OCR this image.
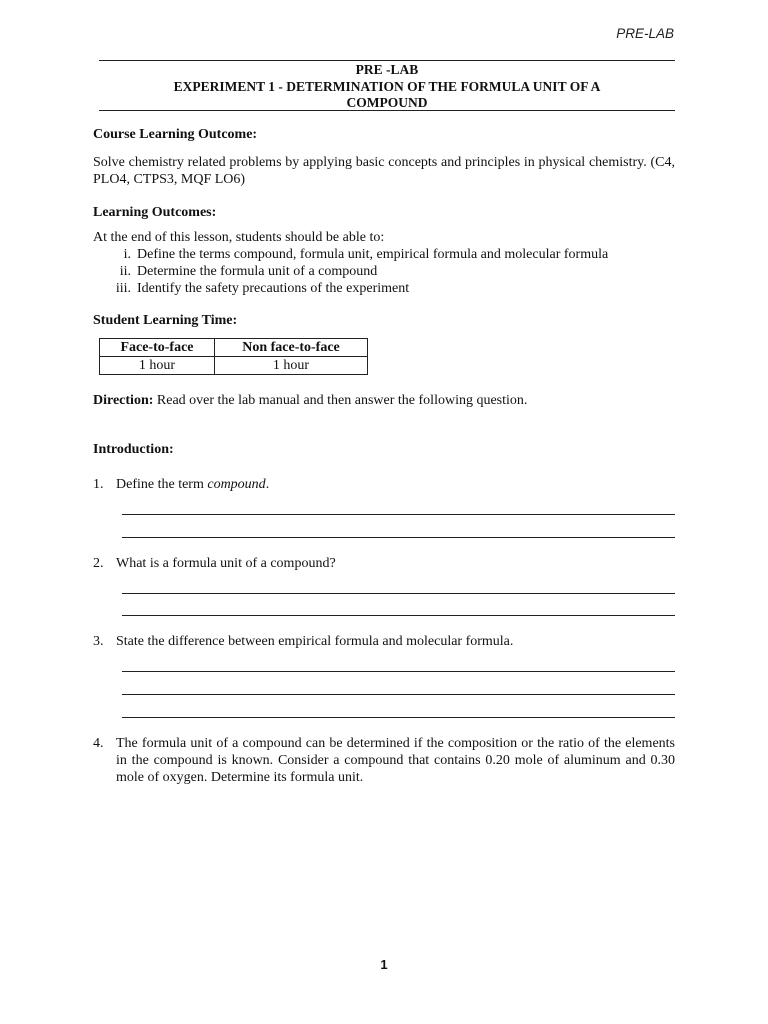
PRE-LAB
PRE -LAB
EXPERIMENT 1 - DETERMINATION OF THE FORMULA UNIT OF A
COMPOUND
Course Learning Outcome:
Solve chemistry related problems by applying basic concepts and principles in physical chemistry. (C4, PLO4, CTPS3, MQF LO6)
Learning Outcomes:
At the end of this lesson, students should be able to:
i. Define the terms compound, formula unit, empirical formula and molecular formula
ii. Determine the formula unit of a compound
iii. Identify the safety precautions of the experiment
Student Learning Time:
Face-to-face	Non face-to-face
1 hour	1 hour
Direction: Read over the lab manual and then answer the following question.
Introduction:
1. Define the term compound.
2. What is a formula unit of a compound?
3. State the difference between empirical formula and molecular formula.
4. The formula unit of a compound can be determined if the composition or the ratio of the elements in the compound is known. Consider a compound that contains 0.20 mole of aluminum and 0.30 mole of oxygen. Determine its formula unit.
1
